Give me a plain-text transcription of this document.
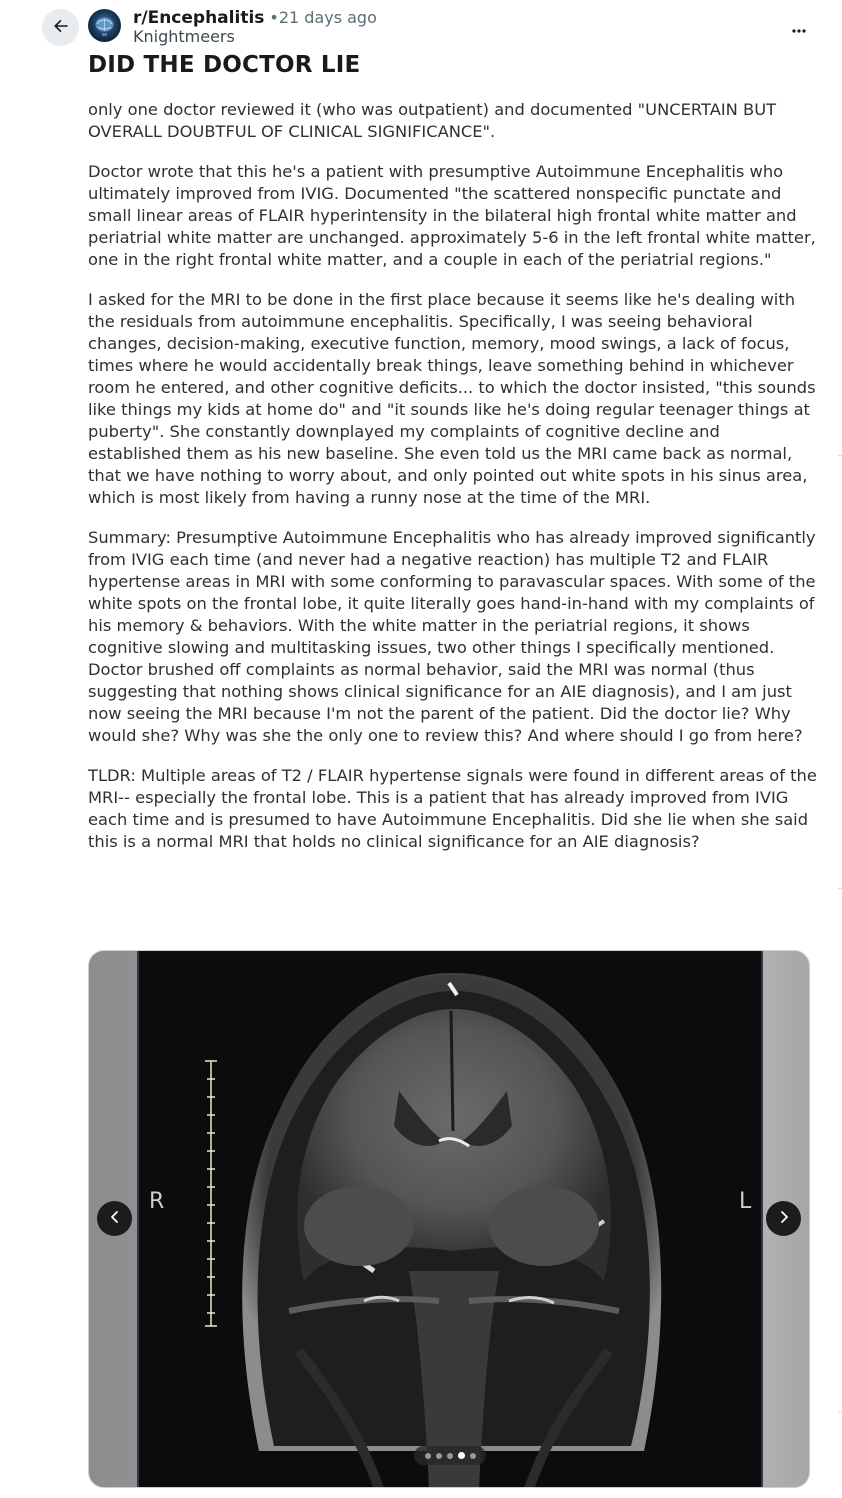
r/Encephalitis • 21 days ago
Knightmeers
DID THE DOCTOR LIE

only one doctor reviewed it (who was outpatient) and documented "UNCERTAIN BUT OVERALL DOUBTFUL OF CLINICAL SIGNIFICANCE".

Doctor wrote that this he's a patient with presumptive Autoimmune Encephalitis who ultimately improved from IVIG. Documented "the scattered nonspecific punctate and small linear areas of FLAIR hyperintensity in the bilateral high frontal white matter and periatrial white matter are unchanged. approximately 5-6 in the left frontal white matter, one in the right frontal white matter, and a couple in each of the periatrial regions."

I asked for the MRI to be done in the first place because it seems like he's dealing with the residuals from autoimmune encephalitis. Specifically, I was seeing behavioral changes, decision-making, executive function, memory, mood swings, a lack of focus, times where he would accidentally break things, leave something behind in whichever room he entered, and other cognitive deficits... to which the doctor insisted, "this sounds like things my kids at home do" and "it sounds like he's doing regular teenager things at puberty". She constantly downplayed my complaints of cognitive decline and established them as his new baseline. She even told us the MRI came back as normal, that we have nothing to worry about, and only pointed out white spots in his sinus area, which is most likely from having a runny nose at the time of the MRI.

Summary: Presumptive Autoimmune Encephalitis who has already improved significantly from IVIG each time (and never had a negative reaction) has multiple T2 and FLAIR hypertense areas in MRI with some conforming to paravascular spaces. With some of the white spots on the frontal lobe, it quite literally goes hand-in-hand with my complaints of his memory & behaviors. With the white matter in the periatrial regions, it shows cognitive slowing and multitasking issues, two other things I specifically mentioned. Doctor brushed off complaints as normal behavior, said the MRI was normal (thus suggesting that nothing shows clinical significance for an AIE diagnosis), and I am just now seeing the MRI because I'm not the parent of the patient. Did the doctor lie? Why would she? Why was she the only one to review this? And where should I go from here?

TLDR: Multiple areas of T2 / FLAIR hypertense signals were found in different areas of the MRI-- especially the frontal lobe. This is a patient that has already improved from IVIG each time and is presumed to have Autoimmune Encephalitis. Did she lie when she said this is a normal MRI that holds no clinical significance for an AIE diagnosis?

R	L
